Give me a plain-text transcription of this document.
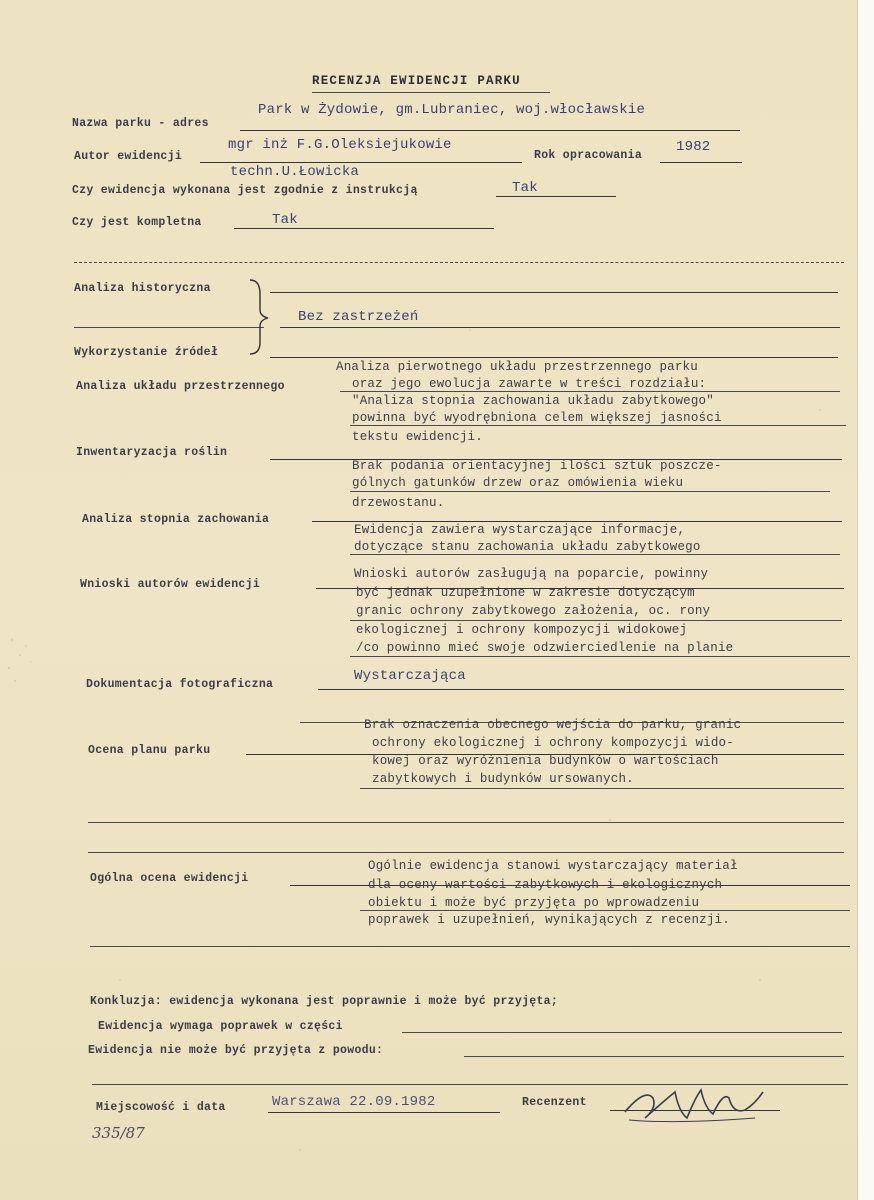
RECENZJA EWIDENCJI PARKU
Nazwa parku - adres
Park w Żydowie, gm.Lubraniec, woj.włocławskie
Autor ewidencji
mgr inż F.G.Oleksiejukowie
techn.U.Łowicka
Rok opracowania
1982
Czy ewidencja wykonana jest zgodnie z instrukcją	Tak
Czy jest kompletna	Tak
Analiza historyczna
Bez zastrzeżeń
Wykorzystanie źródeł
Analiza układu przestrzennego
Analiza pierwotnego układu przestrzennego parku
oraz jego ewolucja zawarte w treści rozdziału:
"Analiza stopnia zachowania układu zabytkowego"
powinna być wyodrębniona celem większej jasności
tekstu ewidencji.
Inwentaryzacja roślin
Brak podania orientacyjnej ilości sztuk poszcze-
gólnych gatunków drzew oraz omówienia wieku
drzewostanu.
Analiza stopnia zachowania
Ewidencja zawiera wystarczające informacje,
dotyczące stanu zachowania układu zabytkowego
Wnioski autorów ewidencji
Wnioski autorów zasługują na poparcie, powinny
być jednak uzupełnione w zakresie dotyczącym
granic ochrony zabytkowego założenia, oc. rony
ekologicznej i ochrony kompozycji widokowej
/co powinno mieć swoje odzwierciedlenie na planie
Dokumentacja fotograficzna
Wystarczająca
Ocena planu parku
Brak oznaczenia obecnego wejścia do parku, granic
ochrony ekologicznej i ochrony kompozycji wido-
kowej oraz wyróżnienia budynków o wartościach
zabytkowych i budynków ursowanych.
Ogólna ocena ewidencji
Ogólnie ewidencja stanowi wystarczający materiał
dla oceny wartości zabytkowych i ekologicznych
obiektu i może być przyjęta po wprowadzeniu
poprawek i uzupełnień, wynikających z recenzji.
Konkluzja: ewidencja wykonana jest poprawnie i może być przyjęta;
Ewidencja wymaga poprawek w części
Ewidencja nie może być przyjęta z powodu:
Miejscowość i data	Warszawa 22.09.1982	Recenzent
335/87
